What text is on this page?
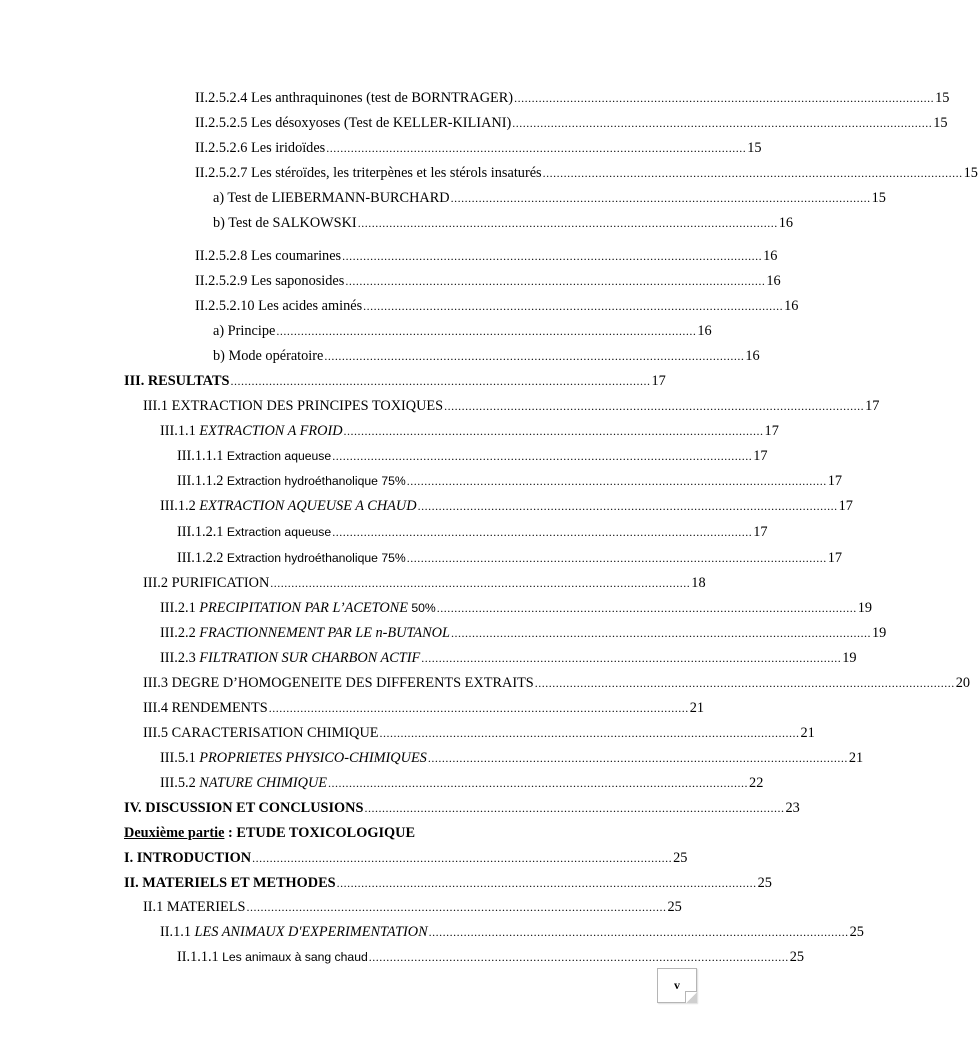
II.2.5.2.4 Les anthraquinones (test de BORNTRAGER) ........................................................................................................................ 15
II.2.5.2.5 Les désoxyoses (Test de KELLER-KILIANI) ........................................................................................................................ 15
II.2.5.2.6 Les iridoïdes ........................................................................................................................ 15
II.2.5.2.7 Les stéroïdes, les triterpènes et les stérols insaturés ........................................................................................................................ 15
a) Test de LIEBERMANN-BURCHARD ........................................................................................................................ 15
b) Test de SALKOWSKI ........................................................................................................................ 16
II.2.5.2.8 Les coumarines ........................................................................................................................ 16
II.2.5.2.9 Les saponosides ........................................................................................................................ 16
II.2.5.2.10 Les acides aminés ........................................................................................................................ 16
a) Principe ........................................................................................................................ 16
b) Mode opératoire ........................................................................................................................ 16
III. RESULTATS ........................................................................................................................ 17
III.1 EXTRACTION DES PRINCIPES TOXIQUES ........................................................................................................................ 17
III.1.1 EXTRACTION A FROID ........................................................................................................................ 17
III.1.1.1 Extraction aqueuse ........................................................................................................................ 17
III.1.1.2 Extraction hydroéthanolique 75% ........................................................................................................................ 17
III.1.2 EXTRACTION AQUEUSE A CHAUD ........................................................................................................................ 17
III.1.2.1 Extraction aqueuse ........................................................................................................................ 17
III.1.2.2 Extraction hydroéthanolique 75% ........................................................................................................................ 17
III.2 PURIFICATION ........................................................................................................................ 18
III.2.1 PRECIPITATION PAR L’ACETONE 50% ........................................................................................................................ 19
III.2.2 FRACTIONNEMENT PAR LE n-BUTANOL ........................................................................................................................ 19
III.2.3 FILTRATION SUR CHARBON ACTIF ........................................................................................................................ 19
III.3 DEGRE D’HOMOGENEITE DES DIFFERENTS EXTRAITS ........................................................................................................................ 20
III.4 RENDEMENTS ........................................................................................................................ 21
III.5 CARACTERISATION CHIMIQUE ........................................................................................................................ 21
III.5.1 PROPRIETES PHYSICO-CHIMIQUES ........................................................................................................................ 21
III.5.2 NATURE CHIMIQUE ........................................................................................................................ 22
IV. DISCUSSION ET CONCLUSIONS ........................................................................................................................ 23
Deuxième partie : ETUDE TOXICOLOGIQUE
I. INTRODUCTION ........................................................................................................................ 25
II. MATERIELS ET METHODES ........................................................................................................................ 25
II.1 MATERIELS ........................................................................................................................ 25
II.1.1 LES ANIMAUX D'EXPERIMENTATION ........................................................................................................................ 25
II.1.1.1 Les animaux à sang chaud ........................................................................................................................ 25
v
